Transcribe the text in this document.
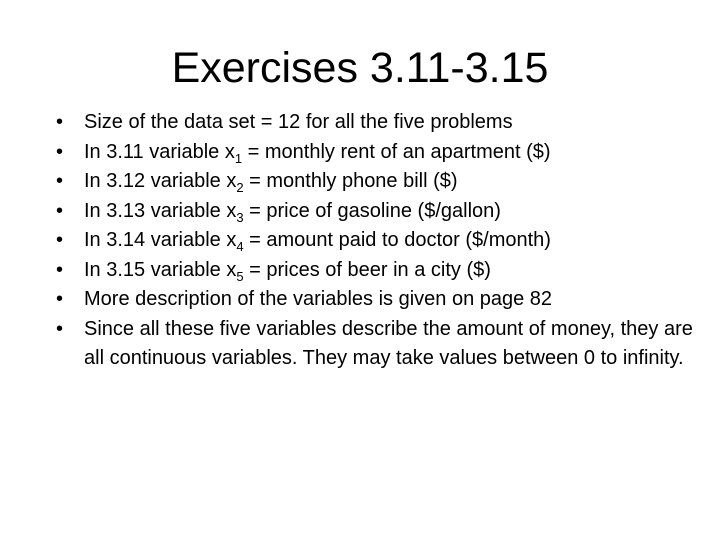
Exercises 3.11-3.15
•	Size of the data set = 12 for all the five problems
•	In 3.11 variable $x_1$ = monthly rent of an apartment ($)
•	In 3.12 variable $x_2$ = monthly phone bill ($)
•	In 3.13 variable $x_3$ = price of gasoline ($/gallon)
•	In 3.14 variable $x_4$ = amount paid to doctor ($/month)
•	In 3.15 variable $x_5$ = prices of beer in a city ($)
•	More description of the variables is given on page 82
•	Since all these five variables describe the amount of money, they are all continuous variables. They may take values between 0 to infinity.
